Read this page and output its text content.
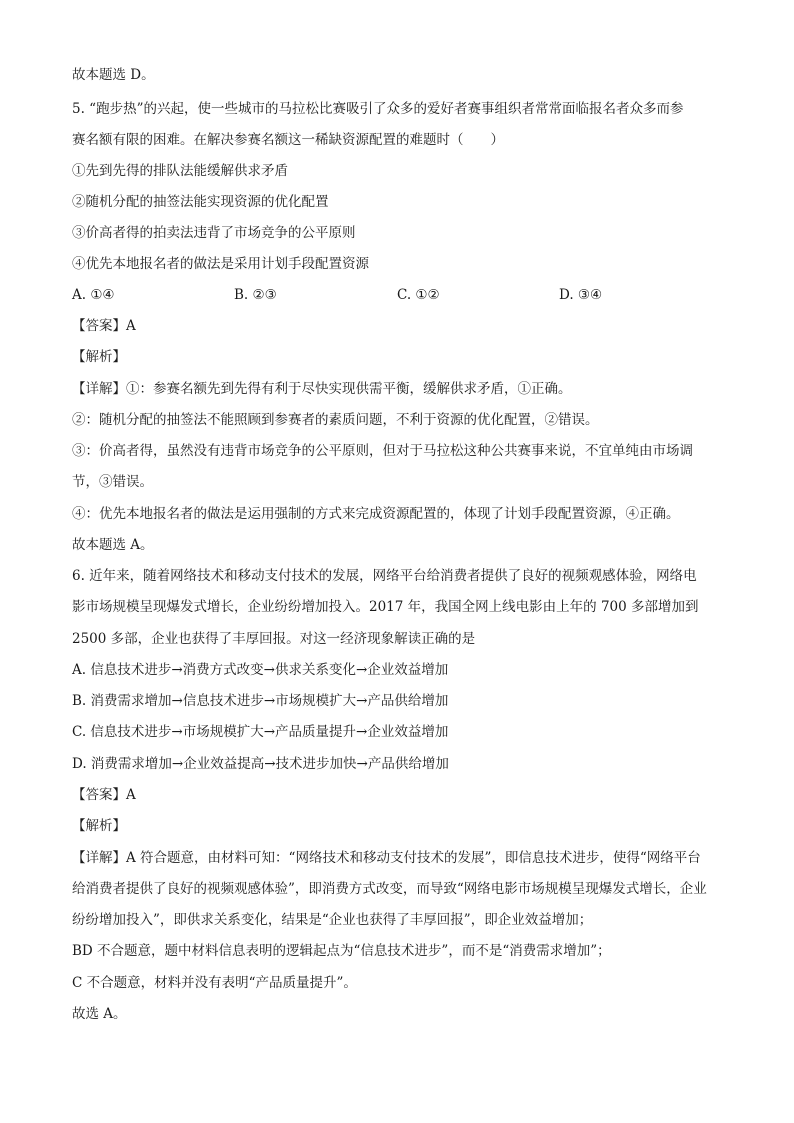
故本题选 D。
5. “跑步热”的兴起，使一些城市的马拉松比赛吸引了众多的爱好者赛事组织者常常面临报名者众多而参
赛名额有限的困难。在解决参赛名额这一稀缺资源配置的难题时（　　）
①先到先得的排队法能缓解供求矛盾
②随机分配的抽签法能实现资源的优化配置
③价高者得的拍卖法违背了市场竞争的公平原则
④优先本地报名者的做法是采用计划手段配置资源
A. ①④	B. ②③	C. ①②	D. ③④
【答案】A
【解析】
【详解】①：参赛名额先到先得有利于尽快实现供需平衡，缓解供求矛盾，①正确。
②：随机分配的抽签法不能照顾到参赛者的素质问题，不利于资源的优化配置，②错误。
③：价高者得，虽然没有违背市场竞争的公平原则，但对于马拉松这种公共赛事来说，不宜单纯由市场调
节，③错误。
④：优先本地报名者的做法是运用强制的方式来完成资源配置的，体现了计划手段配置资源，④正确。
故本题选 A。
6. 近年来，随着网络技术和移动支付技术的发展，网络平台给消费者提供了良好的视频观感体验，网络电
影市场规模呈现爆发式增长，企业纷纷增加投入。2017 年，我国全网上线电影由上年的 700 多部增加到
2500 多部，企业也获得了丰厚回报。对这一经济现象解读正确的是
A. 信息技术进步→消费方式改变→供求关系变化→企业效益增加
B. 消费需求增加→信息技术进步→市场规模扩大→产品供给增加
C. 信息技术进步→市场规模扩大→产品质量提升→企业效益增加
D. 消费需求增加→企业效益提高→技术进步加快→产品供给增加
【答案】A
【解析】
【详解】A 符合题意，由材料可知：“网络技术和移动支付技术的发展”，即信息技术进步，使得“网络平台
给消费者提供了良好的视频观感体验”，即消费方式改变，而导致“网络电影市场规模呈现爆发式增长，企业
纷纷增加投入”，即供求关系变化，结果是“企业也获得了丰厚回报”，即企业效益增加；
BD 不合题意，题中材料信息表明的逻辑起点为“信息技术进步”，而不是“消费需求增加”；
C 不合题意，材料并没有表明“产品质量提升”。
故选 A。
